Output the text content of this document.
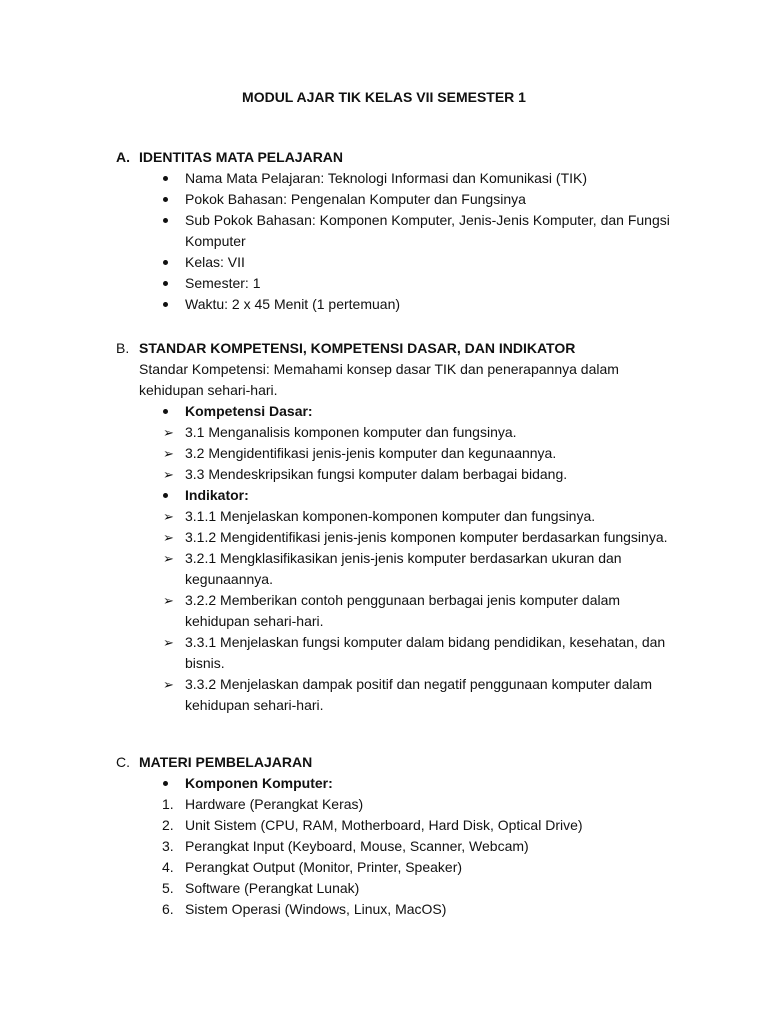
MODUL AJAR TIK KELAS VII SEMESTER 1
A. IDENTITAS MATA PELAJARAN
Nama Mata Pelajaran: Teknologi Informasi dan Komunikasi (TIK)
Pokok Bahasan: Pengenalan Komputer dan Fungsinya
Sub Pokok Bahasan: Komponen Komputer, Jenis-Jenis Komputer, dan Fungsi Komputer
Kelas: VII
Semester: 1
Waktu: 2 x 45 Menit (1 pertemuan)
B. STANDAR KOMPETENSI, KOMPETENSI DASAR, DAN INDIKATOR
Standar Kompetensi: Memahami konsep dasar TIK dan penerapannya dalam kehidupan sehari-hari.
Kompetensi Dasar:
➢ 3.1 Menganalisis komponen komputer dan fungsinya.
➢ 3.2 Mengidentifikasi jenis-jenis komputer dan kegunaannya.
➢ 3.3 Mendeskripsikan fungsi komputer dalam berbagai bidang.
Indikator:
➢ 3.1.1 Menjelaskan komponen-komponen komputer dan fungsinya.
➢ 3.1.2 Mengidentifikasi jenis-jenis komponen komputer berdasarkan fungsinya.
➢ 3.2.1 Mengklasifikasikan jenis-jenis komputer berdasarkan ukuran dan kegunaannya.
➢ 3.2.2 Memberikan contoh penggunaan berbagai jenis komputer dalam kehidupan sehari-hari.
➢ 3.3.1 Menjelaskan fungsi komputer dalam bidang pendidikan, kesehatan, dan bisnis.
➢ 3.3.2 Menjelaskan dampak positif dan negatif penggunaan komputer dalam kehidupan sehari-hari.
C. MATERI PEMBELAJARAN
Komponen Komputer:
1. Hardware (Perangkat Keras)
2. Unit Sistem (CPU, RAM, Motherboard, Hard Disk, Optical Drive)
3. Perangkat Input (Keyboard, Mouse, Scanner, Webcam)
4. Perangkat Output (Monitor, Printer, Speaker)
5. Software (Perangkat Lunak)
6. Sistem Operasi (Windows, Linux, MacOS)
